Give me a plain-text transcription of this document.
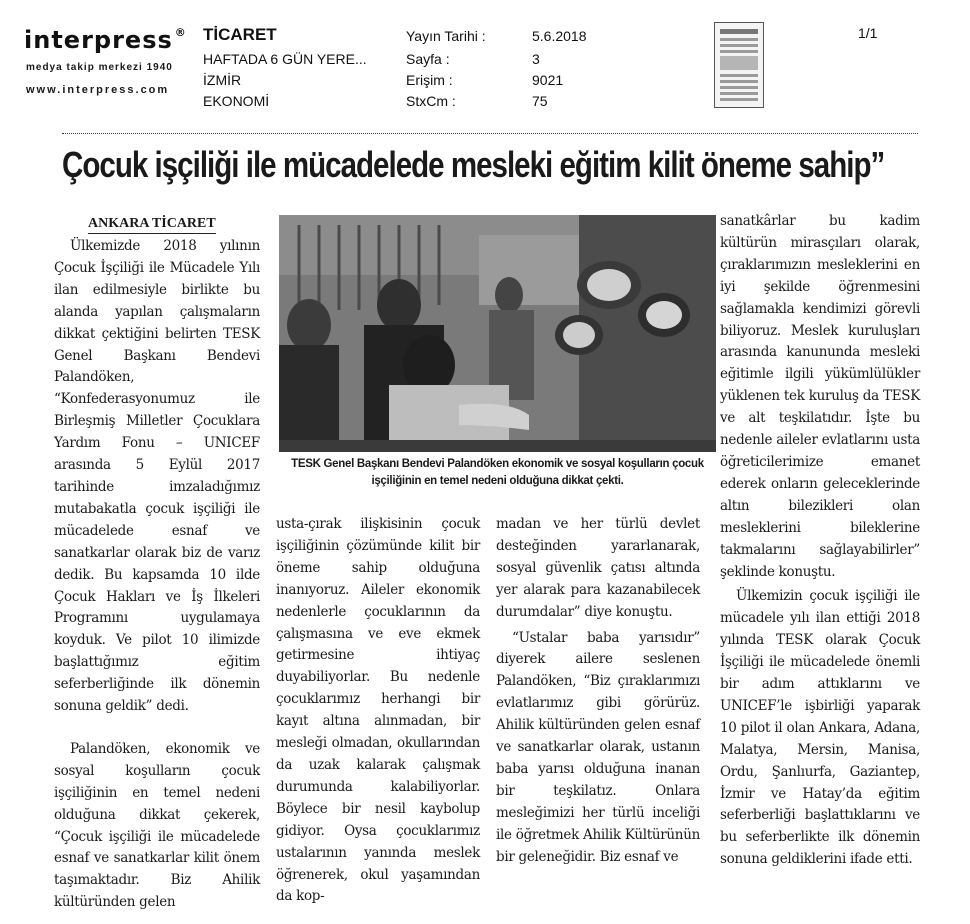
interpress ®
medya takip merkezi 1940
www.interpress.com
TİCARET
HAFTADA 6 GÜN YERE...
İZMİR
EKONOMİ
Yayın Tarihi :	5.6.2018
Sayfa :	3
Erişim :	9021
StxCm :	75
1/1
Çocuk işçiliği ile mücadelede mesleki eğitim kilit öneme sahip”
ANKARA TİCARET

Ülkemizde 2018 yılının Çocuk İşçiliği ile Mücadele Yılı ilan edilmesiyle birlikte bu alanda yapılan çalışmaların dikkat çektiğini belirten TESK Genel Başkanı Bendevi Palandöken, “Konfederasyonumuz ile Birleşmiş Milletler Çocuklara Yardım Fonu – UNICEF arasında 5 Eylül 2017 tarihinde imzaladığımız mutabakatla çocuk işçiliği ile mücadelede esnaf ve sanatkarlar olarak biz de varız dedik. Bu kapsamda 10 ilde Çocuk Hakları ve İş İlkeleri Programını uygulamaya koyduk. Ve pilot 10 ilimizde başlattığımız eğitim seferberliğinde ilk dönemin sonuna geldik” dedi.

Palandöken, ekonomik ve sosyal koşulların çocuk işçiliğinin en temel nedeni olduğuna dikkat çekerek, “Çocuk işçiliği ile mücadelede esnaf ve sanatkarlar kilit önem taşımaktadır. Biz Ahilik kültüründen gelen

TESK Genel Başkanı Bendevi Palandöken ekonomik ve sosyal koşulların çocuk
işçiliğinin en temel nedeni olduğuna dikkat çekti.

usta-çırak ilişkisinin çocuk işçiliğinin çözümünde kilit bir öneme sahip olduğuna inanıyoruz. Aileler ekonomik nedenlerle çocuklarının da çalışmasına ve eve ekmek getirmesine ihtiyaç duyabiliyorlar. Bu nedenle çocuklarımız herhangi bir kayıt altına alınmadan, bir mesleği olmadan, okullarından da uzak kalarak çalışmak durumunda kalabiliyorlar. Böylece bir nesil kaybolup gidiyor. Oysa çocuklarımız ustalarının yanında meslek öğrenerek, okul yaşamından da kop-

madan ve her türlü devlet desteğinden yararlanarak, sosyal güvenlik çatısı altında yer alarak para kazanabilecek durumdalar” diye konuştu.

“Ustalar baba yarısıdır” diyerek ailere seslenen Palandöken, “Biz çıraklarımızı evlatlarımız gibi görürüz. Ahilik kültüründen gelen esnaf ve sanatkarlar olarak, ustanın baba yarısı olduğuna inanan bir teşkilatız. Onlara mesleğimizi her türlü inceliği ile öğretmek Ahilik Kültürünün bir geleneğidir. Biz esnaf ve

sanatkârlar bu kadim kültürün mirasçıları olarak, çıraklarımızın mesleklerini en iyi şekilde öğrenmesini sağlamakla kendimizi görevli biliyoruz. Meslek kuruluşları arasında kanununda mesleki eğitimle ilgili yükümlülükler yüklenen tek kuruluş da TESK ve alt teşkilatıdır. İşte bu nedenle aileler evlatlarını usta öğreticilerimize emanet ederek onların geleceklerinde altın bilezikleri olan mesleklerini bileklerine takmalarını sağlayabilirler” şeklinde konuştu.

Ülkemizin çocuk işçiliği ile mücadele yılı ilan ettiği 2018 yılında TESK olarak Çocuk İşçiliği ile mücadelede önemli bir adım attıklarını ve UNICEF’le işbirliği yaparak 10 pilot il olan Ankara, Adana, Malatya, Mersin, Manisa, Ordu, Şanlıurfa, Gaziantep, İzmir ve Hatay’da eğitim seferberliği başlattıklarını ve bu seferberlikte ilk dönemin sonuna geldiklerini ifade etti.
